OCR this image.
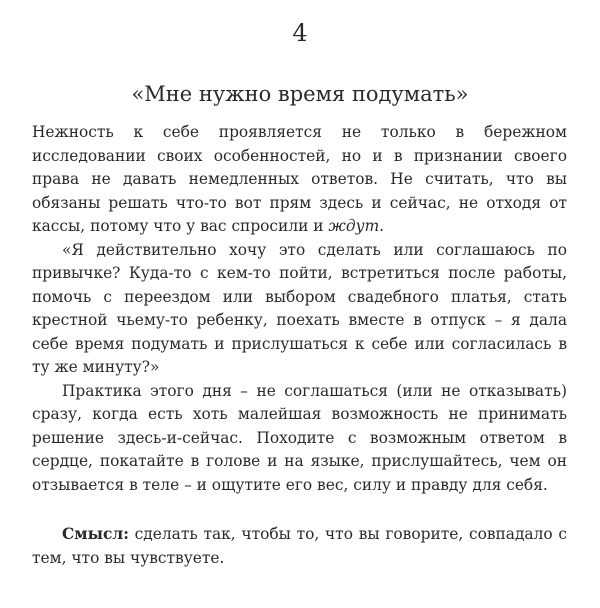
4
«Мне нужно время подумать»

Нежность к себе проявляется не только в бережном исследовании своих особенностей, но и в признании своего права не давать немедленных ответов. Не считать, что вы обязаны решать что-то вот прям здесь и сейчас, не отходя от кассы, потому что у вас спросили и ждут.

«Я действительно хочу это сделать или соглашаюсь по привычке? Куда-то с кем-то пойти, встретиться после работы, помочь с переездом или выбором свадебного платья, стать крестной чьему-то ребенку, поехать вместе в отпуск – я дала себе время подумать и прислушаться к себе или согласилась в ту же минуту?»

Практика этого дня – не соглашаться (или не отказывать) сразу, когда есть хоть малейшая возможность не принимать решение здесь-и-сейчас. Походите с возможным ответом в сердце, покатайте в голове и на языке, прислушайтесь, чем он отзывается в теле – и ощутите его вес, силу и правду для себя.

Смысл: сделать так, чтобы то, что вы говорите, совпадало с тем, что вы чувствуете.
